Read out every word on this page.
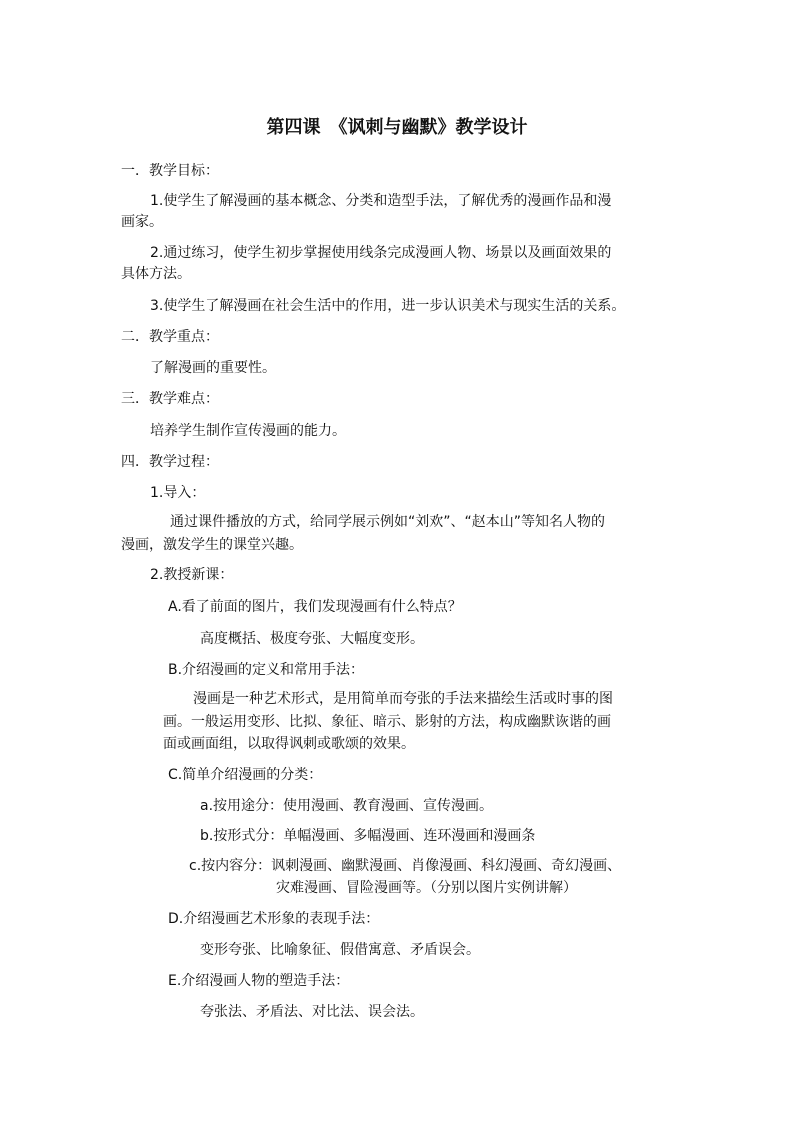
第四课　《讽刺与幽默》教学设计
一．教学目标：
1.使学生了解漫画的基本概念、分类和造型手法，了解优秀的漫画作品和漫
画家。
2.通过练习，使学生初步掌握使用线条完成漫画人物、场景以及画面效果的
具体方法。
3.使学生了解漫画在社会生活中的作用，进一步认识美术与现实生活的关系。
二．教学重点：
了解漫画的重要性。
三．教学难点：
培养学生制作宣传漫画的能力。
四．教学过程：
1.导入：
通过课件播放的方式，给同学展示例如“刘欢”、“赵本山”等知名人物的
漫画，激发学生的课堂兴趣。
2.教授新课：
A.看了前面的图片，我们发现漫画有什么特点？
高度概括、极度夸张、大幅度变形。
B.介绍漫画的定义和常用手法：
漫画是一种艺术形式，是用简单而夸张的手法来描绘生活或时事的图
画。一般运用变形、比拟、象征、暗示、影射的方法，构成幽默诙谐的画
面或画面组，以取得讽刺或歌颂的效果。
C.简单介绍漫画的分类：
a.按用途分：使用漫画、教育漫画、宣传漫画。
b.按形式分：单幅漫画、多幅漫画、连环漫画和漫画条
c.按内容分：讽刺漫画、幽默漫画、肖像漫画、科幻漫画、奇幻漫画、
灾难漫画、冒险漫画等。（分别以图片实例讲解）
D.介绍漫画艺术形象的表现手法：
变形夸张、比喻象征、假借寓意、矛盾误会。
E.介绍漫画人物的塑造手法：
夸张法、矛盾法、对比法、误会法。
